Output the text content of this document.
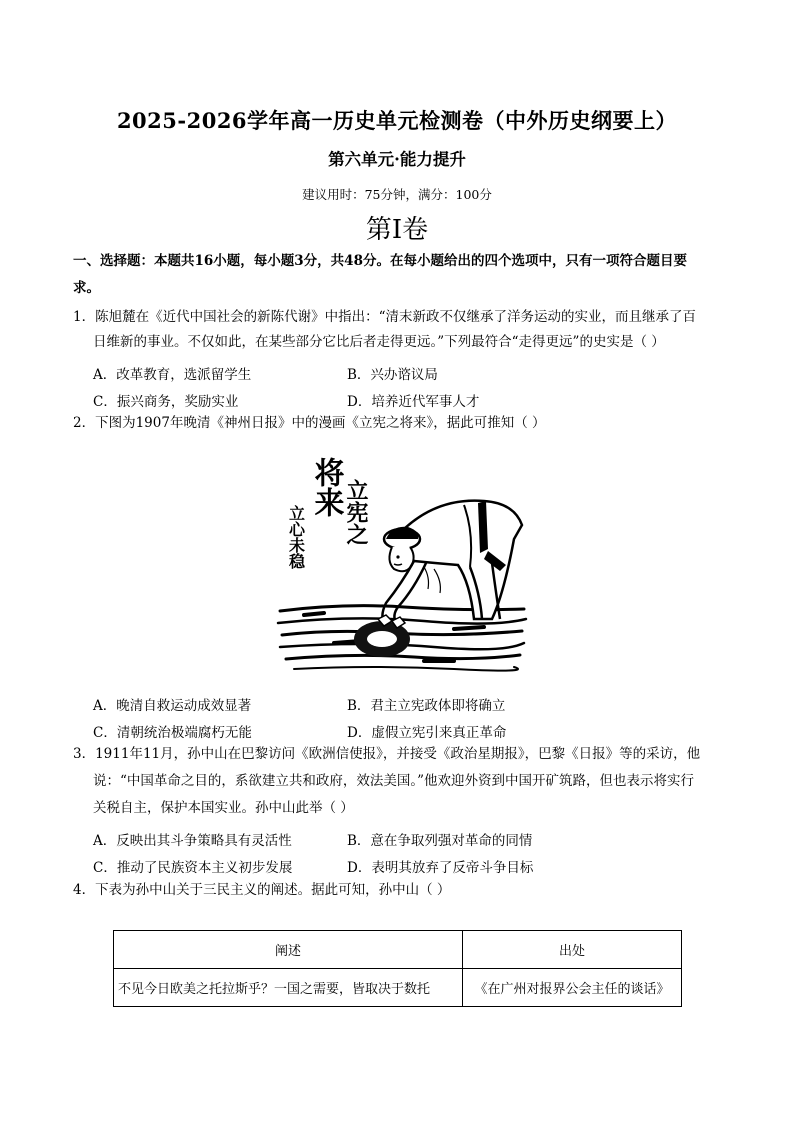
2025-2026学年高一历史单元检测卷（中外历史纲要上）
第六单元·能力提升
建议用时：75分钟，满分：100分
第Ⅰ卷
一、选择题：本题共16小题，每小题3分，共48分。在每小题给出的四个选项中，只有一项符合题目要
求。
1．陈旭麓在《近代中国社会的新陈代谢》中指出：“清末新政不仅继承了洋务运动的实业，而且继承了百
日维新的事业。不仅如此，在某些部分它比后者走得更远。”下列最符合“走得更远”的史实是（ ）
A．改革教育，选派留学生	B．兴办谘议局
C．振兴商务，奖励实业	D．培养近代军事人才
2．下图为1907年晚清《神州日报》中的漫画《立宪之将来》，据此可推知（ ）
立宪之
将来
立心未稳
A．晚清自救运动成效显著	B．君主立宪政体即将确立
C．清朝统治极端腐朽无能	D．虚假立宪引来真正革命
3．1911年11月，孙中山在巴黎访问《欧洲信使报》，并接受《政治星期报》，巴黎《日报》等的采访，他
说：“中国革命之目的，系欲建立共和政府，效法美国。”他欢迎外资到中国开矿筑路，但也表示将实行
关税自主，保护本国实业。孙中山此举（ ）
A．反映出其斗争策略具有灵活性	B．意在争取列强对革命的同情
C．推动了民族资本主义初步发展	D．表明其放弃了反帝斗争目标
4．下表为孙中山关于三民主义的阐述。据此可知，孙中山（ ）
阐述	出处
不见今日欧美之托拉斯乎？一国之需要，皆取决于数托	《在广州对报界公会主任的谈话》
